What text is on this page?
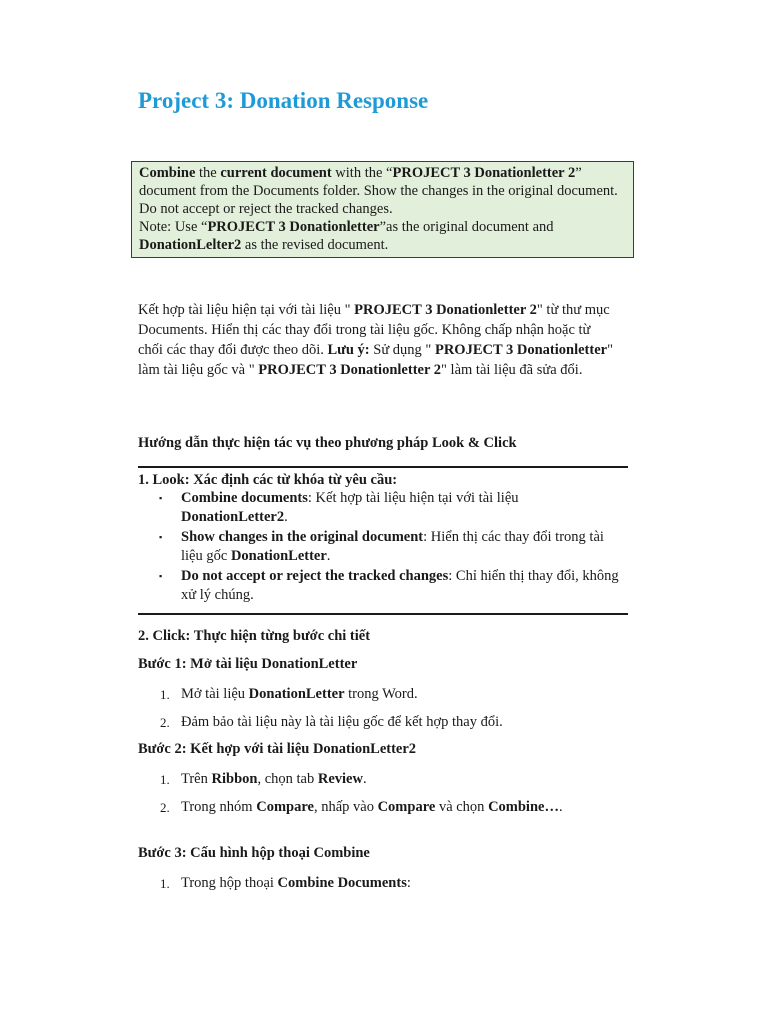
Project 3: Donation Response

Combine the current document with the “PROJECT 3 Donationletter 2” document from the Documents folder. Show the changes in the original document.

Do not accept or reject the tracked changes.

Note: Use “PROJECT 3 Donationletter”as the original document and DonationLelter2 as the revised document.

Kết hợp tài liệu hiện tại với tài liệu " PROJECT 3 Donationletter 2" từ thư mục Documents. Hiển thị các thay đổi trong tài liệu gốc. Không chấp nhận hoặc từ chối các thay đổi được theo dõi. Lưu ý: Sử dụng " PROJECT 3 Donationletter" làm tài liệu gốc và " PROJECT 3 Donationletter 2" làm tài liệu đã sửa đổi.

Hướng dẫn thực hiện tác vụ theo phương pháp Look & Click
1. Look: Xác định các từ khóa từ yêu cầu:
▪ Combine documents: Kết hợp tài liệu hiện tại với tài liệu DonationLetter2.
▪ Show changes in the original document: Hiển thị các thay đổi trong tài liệu gốc DonationLetter.
▪ Do not accept or reject the tracked changes: Chỉ hiển thị thay đổi, không xử lý chúng.
2. Click: Thực hiện từng bước chi tiết
Bước 1: Mở tài liệu DonationLetter
1. Mở tài liệu DonationLetter trong Word.
2. Đảm bảo tài liệu này là tài liệu gốc để kết hợp thay đổi.
Bước 2: Kết hợp với tài liệu DonationLetter2
1. Trên Ribbon, chọn tab Review.
2. Trong nhóm Compare, nhấp vào Compare và chọn Combine….
Bước 3: Cấu hình hộp thoại Combine
1. Trong hộp thoại Combine Documents:
